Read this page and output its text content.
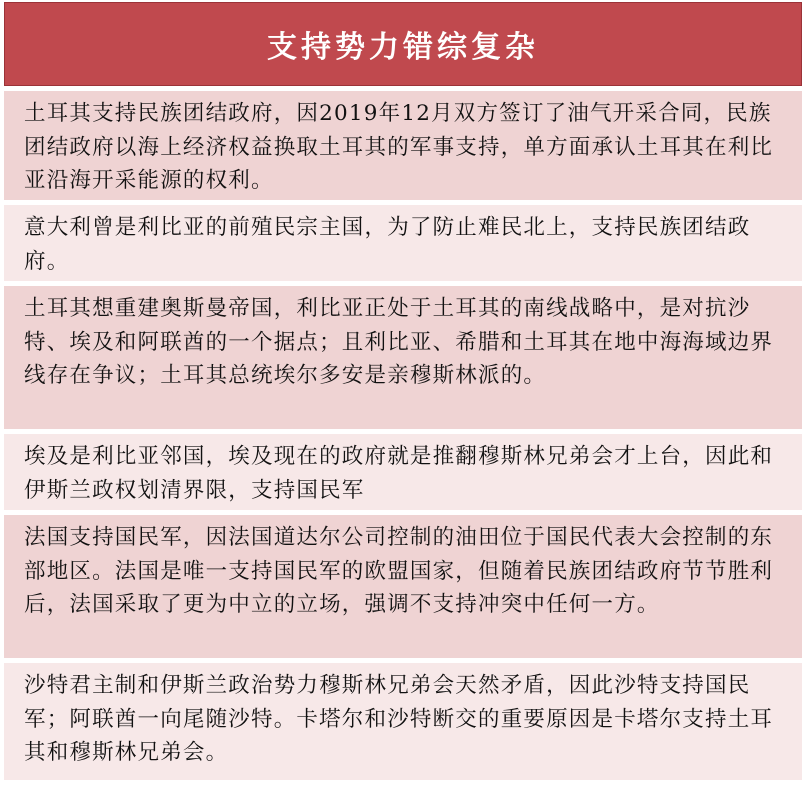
支持势力错综复杂
土耳其支持民族团结政府，因2019年12月双方签订了油气开采合同，民族团结政府以海上经济权益换取土耳其的军事支持，单方面承认土耳其在利比亚沿海开采能源的权利。
意大利曾是利比亚的前殖民宗主国，为了防止难民北上，支持民族团结政府。
土耳其想重建奥斯曼帝国，利比亚正处于土耳其的南线战略中，是对抗沙特、埃及和阿联酋的一个据点；且利比亚、希腊和土耳其在地中海海域边界线存在争议；土耳其总统埃尔多安是亲穆斯林派的。
埃及是利比亚邻国，埃及现在的政府就是推翻穆斯林兄弟会才上台，因此和伊斯兰政权划清界限，支持国民军
法国支持国民军，因法国道达尔公司控制的油田位于国民代表大会控制的东部地区。法国是唯一支持国民军的欧盟国家，但随着民族团结政府节节胜利后，法国采取了更为中立的立场，强调不支持冲突中任何一方。
沙特君主制和伊斯兰政治势力穆斯林兄弟会天然矛盾，因此沙特支持国民军；阿联酋一向尾随沙特。卡塔尔和沙特断交的重要原因是卡塔尔支持土耳其和穆斯林兄弟会。
